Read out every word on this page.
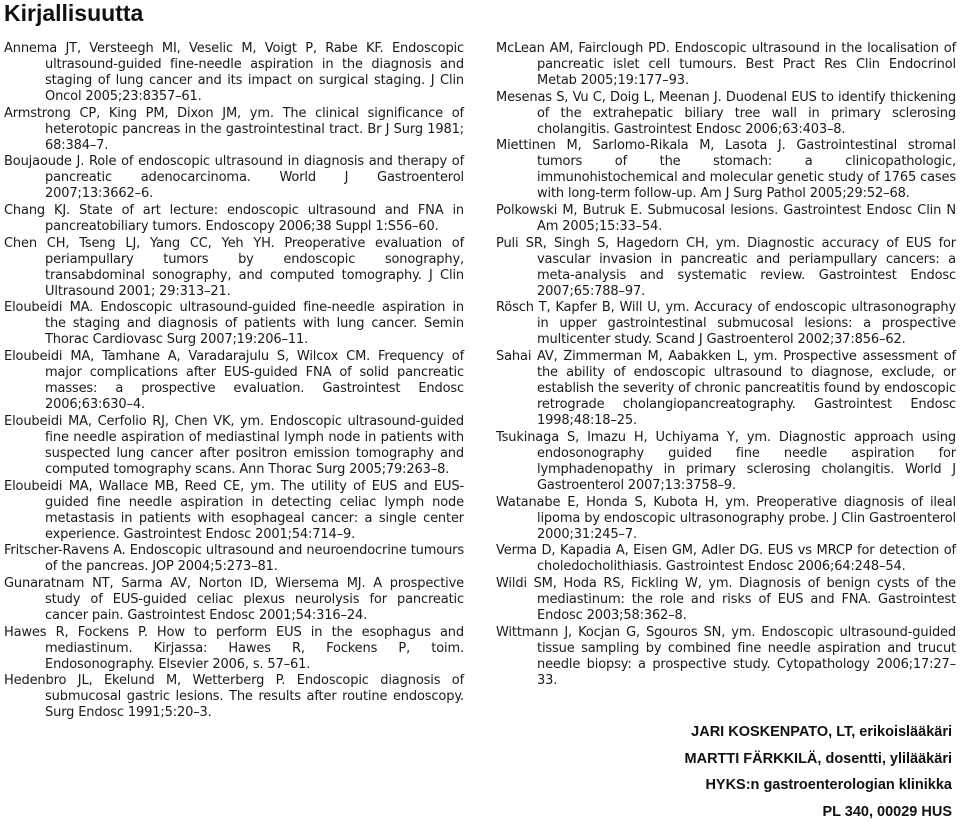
Kirjallisuutta

Annema JT, Versteegh MI, Veselic M, Voigt P, Rabe KF. Endoscopic ultrasound-guided fine-needle aspiration in the diagnosis and staging of lung cancer and its impact on surgical staging. J Clin Oncol 2005;23:8357–61.

Armstrong CP, King PM, Dixon JM, ym. The clinical significance of heterotopic pancreas in the gastrointestinal tract. Br J Surg 1981; 68:384–7.

Boujaoude J. Role of endoscopic ultrasound in diagnosis and therapy of pancreatic adenocarcinoma. World J Gastroenterol 2007;13:3662–6.

Chang KJ. State of art lecture: endoscopic ultrasound and FNA in pancreatobiliary tumors. Endoscopy 2006;38 Suppl 1:S56–60.

Chen CH, Tseng LJ, Yang CC, Yeh YH. Preoperative evaluation of periampullary tumors by endoscopic sonography, transabdominal sonography, and computed tomography. J Clin Ultrasound 2001; 29:313–21.

Eloubeidi MA. Endoscopic ultrasound-guided fine-needle aspiration in the staging and diagnosis of patients with lung cancer. Semin Thorac Cardiovasc Surg 2007;19:206–11.

Eloubeidi MA, Tamhane A, Varadarajulu S, Wilcox CM. Frequency of major complications after EUS-guided FNA of solid pancreatic masses: a prospective evaluation. Gastrointest Endosc 2006;63:630–4.

Eloubeidi MA, Cerfolio RJ, Chen VK, ym. Endoscopic ultrasound-guided fine needle aspiration of mediastinal lymph node in patients with suspected lung cancer after positron emission tomography and computed tomography scans. Ann Thorac Surg 2005;79:263–8.

Eloubeidi MA, Wallace MB, Reed CE, ym. The utility of EUS and EUS-guided fine needle aspiration in detecting celiac lymph node metastasis in patients with esophageal cancer: a single center experience. Gastrointest Endosc 2001;54:714–9.

Fritscher-Ravens A. Endoscopic ultrasound and neuroendocrine tumours of the pancreas. JOP 2004;5:273–81.

Gunaratnam NT, Sarma AV, Norton ID, Wiersema MJ. A prospective study of EUS-guided celiac plexus neurolysis for pancreatic cancer pain. Gastrointest Endosc 2001;54:316–24.

Hawes R, Fockens P. How to perform EUS in the esophagus and mediastinum. Kirjassa: Hawes R, Fockens P, toim. Endosonography. Elsevier 2006, s. 57–61.

Hedenbro JL, Ekelund M, Wetterberg P. Endoscopic diagnosis of submucosal gastric lesions. The results after routine endoscopy. Surg Endosc 1991;5:20–3.

McLean AM, Fairclough PD. Endoscopic ultrasound in the localisation of pancreatic islet cell tumours. Best Pract Res Clin Endocrinol Metab 2005;19:177–93.

Mesenas S, Vu C, Doig L, Meenan J. Duodenal EUS to identify thickening of the extrahepatic biliary tree wall in primary sclerosing cholangitis. Gastrointest Endosc 2006;63:403–8.

Miettinen M, Sarlomo-Rikala M, Lasota J. Gastrointestinal stromal tumors of the stomach: a clinicopathologic, immunohistochemical and molecular genetic study of 1765 cases with long-term follow-up. Am J Surg Pathol 2005;29:52–68.

Polkowski M, Butruk E. Submucosal lesions. Gastrointest Endosc Clin N Am 2005;15:33–54.

Puli SR, Singh S, Hagedorn CH, ym. Diagnostic accuracy of EUS for vascular invasion in pancreatic and periampullary cancers: a meta-analysis and systematic review. Gastrointest Endosc 2007;65:788–97.

Rösch T, Kapfer B, Will U, ym. Accuracy of endoscopic ultrasonography in upper gastrointestinal submucosal lesions: a prospective multicenter study. Scand J Gastroenterol 2002;37:856–62.

Sahai AV, Zimmerman M, Aabakken L, ym. Prospective assessment of the ability of endoscopic ultrasound to diagnose, exclude, or establish the severity of chronic pancreatitis found by endoscopic retrograde cholangiopancreatography. Gastrointest Endosc 1998;48:18–25.

Tsukinaga S, Imazu H, Uchiyama Y, ym. Diagnostic approach using endosonography guided fine needle aspiration for lymphadenopathy in primary sclerosing cholangitis. World J Gastroenterol 2007;13:3758–9.

Watanabe E, Honda S, Kubota H, ym. Preoperative diagnosis of ileal lipoma by endoscopic ultrasonography probe. J Clin Gastroenterol 2000;31:245–7.

Verma D, Kapadia A, Eisen GM, Adler DG. EUS vs MRCP for detection of choledocholithiasis. Gastrointest Endosc 2006;64:248–54.

Wildi SM, Hoda RS, Fickling W, ym. Diagnosis of benign cysts of the mediastinum: the role and risks of EUS and FNA. Gastrointest Endosc 2003;58:362–8.

Wittmann J, Kocjan G, Sgouros SN, ym. Endoscopic ultrasound-guided tissue sampling by combined fine needle aspiration and trucut needle biopsy: a prospective study. Cytopathology 2006;17:27–33.

JARI KOSKENPATO, LT, erikoislääkäri
MARTTI FÄRKKILÄ, dosentti, ylilääkäri
HYKS:n gastroenterologian klinikka
PL 340, 00029 HUS
